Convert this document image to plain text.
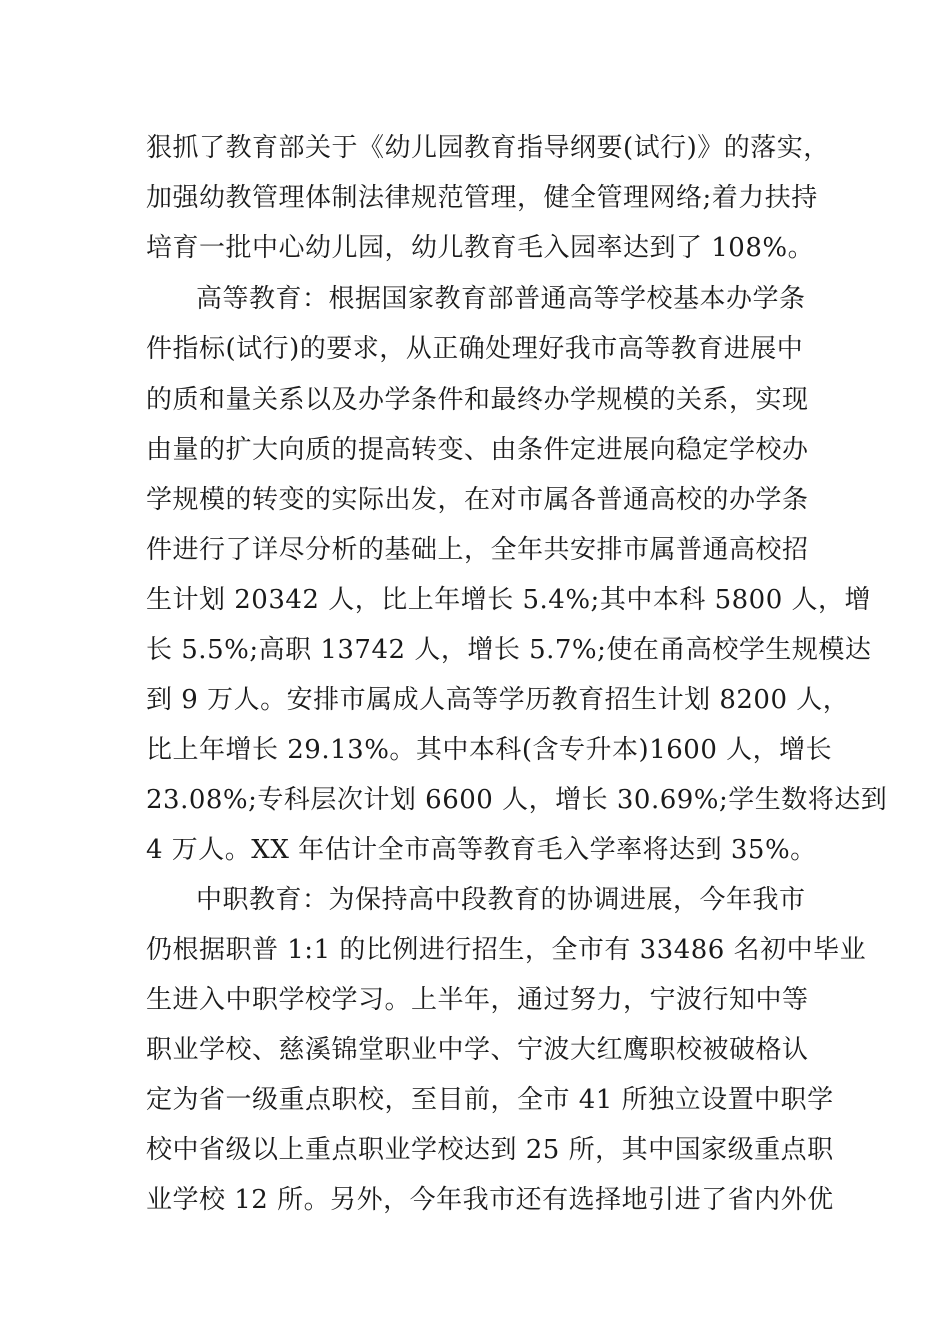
狠抓了教育部关于《幼儿园教育指导纲要(试行)》的落实，
加强幼教管理体制法律规范管理，健全管理网络;着力扶持
培育一批中心幼儿园，幼儿教育毛入园率达到了 108%。
高等教育：根据国家教育部普通高等学校基本办学条
件指标(试行)的要求，从正确处理好我市高等教育进展中
的质和量关系以及办学条件和最终办学规模的关系，实现
由量的扩大向质的提高转变、由条件定进展向稳定学校办
学规模的转变的实际出发，在对市属各普通高校的办学条
件进行了详尽分析的基础上，全年共安排市属普通高校招
生计划 20342 人，比上年增长 5.4%;其中本科 5800 人，增
长 5.5%;高职 13742 人，增长 5.7%;使在甬高校学生规模达
到 9 万人。安排市属成人高等学历教育招生计划 8200 人，
比上年增长 29.13%。其中本科(含专升本)1600 人，增长
23.08%;专科层次计划 6600 人，增长 30.69%;学生数将达到
4 万人。XX 年估计全市高等教育毛入学率将达到 35%。
中职教育：为保持高中段教育的协调进展，今年我市
仍根据职普 1:1 的比例进行招生，全市有 33486 名初中毕业
生进入中职学校学习。上半年，通过努力，宁波行知中等
职业学校、慈溪锦堂职业中学、宁波大红鹰职校被破格认
定为省一级重点职校，至目前，全市 41 所独立设置中职学
校中省级以上重点职业学校达到 25 所，其中国家级重点职
业学校 12 所。另外，今年我市还有选择地引进了省内外优
